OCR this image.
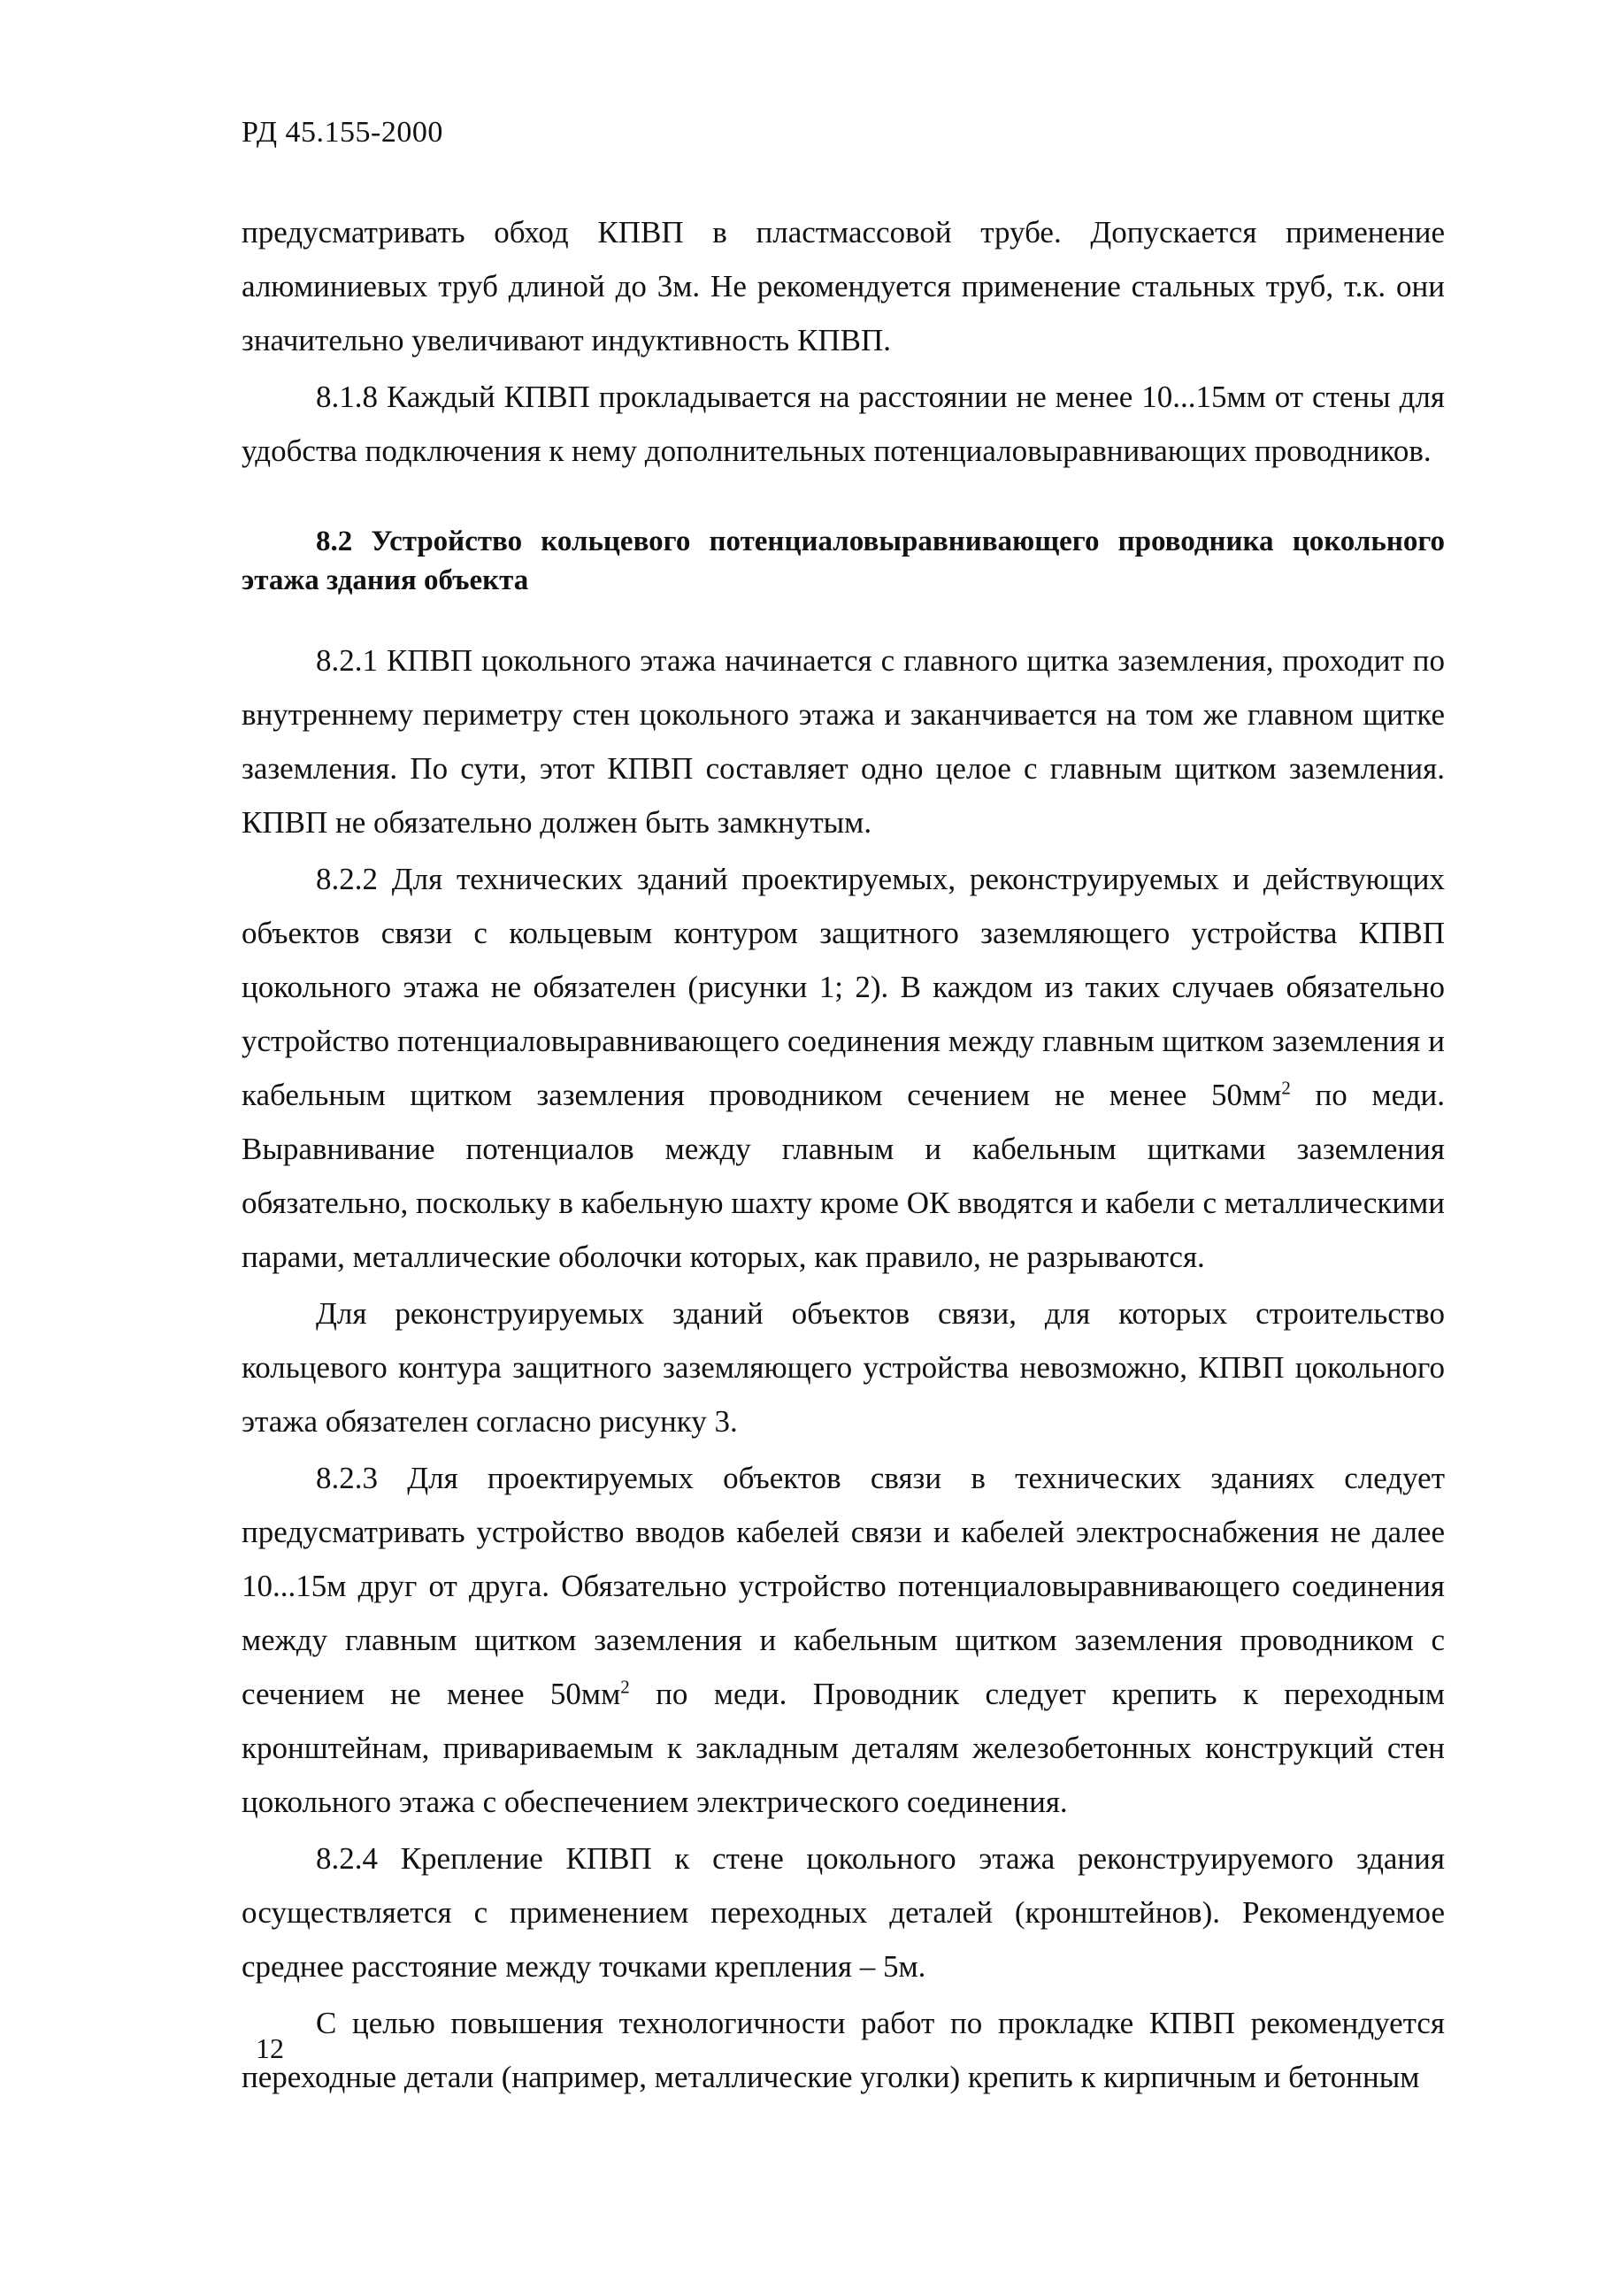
РД 45.155-2000

предусматривать обход КПВП в пластмассовой трубе. Допускается применение алюминиевых труб длиной до 3м. Не рекомендуется применение стальных труб, т.к. они значительно увеличивают индуктивность КПВП.

8.1.8 Каждый КПВП прокладывается на расстоянии не менее 10...15мм от стены для удобства подключения к нему дополнительных потенциаловыравнивающих проводников.

8.2 Устройство кольцевого потенциаловыравнивающего проводника цокольного этажа здания объекта

8.2.1 КПВП цокольного этажа начинается с главного щитка заземления, проходит по внутреннему периметру стен цокольного этажа и заканчивается на том же главном щитке заземления. По сути, этот КПВП составляет одно целое с главным щитком заземления. КПВП не обязательно должен быть замкнутым.

8.2.2 Для технических зданий проектируемых, реконструируемых и действующих объектов связи с кольцевым контуром защитного заземляющего устройства КПВП цокольного этажа не обязателен (рисунки 1; 2). В каждом из таких случаев обязательно устройство потенциаловыравнивающего соединения между главным щитком заземления и кабельным щитком заземления проводником сечением не менее $50мм^2$ по меди. Выравнивание потенциалов между главным и кабельным щитками заземления обязательно, поскольку в кабельную шахту кроме ОК вводятся и кабели с металлическими парами, металлические оболочки которых, как правило, не разрываются.

Для реконструируемых зданий объектов связи, для которых строительство кольцевого контура защитного заземляющего устройства невозможно, КПВП цокольного этажа обязателен согласно рисунку 3.

8.2.3 Для проектируемых объектов связи в технических зданиях следует предусматривать устройство вводов кабелей связи и кабелей электроснабжения не далее 10...15м друг от друга. Обязательно устройство потенциаловыравнивающего соединения между главным щитком заземления и кабельным щитком заземления проводником с сечением не менее $50мм^2$ по меди. Проводник следует крепить к переходным кронштейнам, привариваемым к закладным деталям железобетонных конструкций стен цокольного этажа с обеспечением электрического соединения.

8.2.4 Крепление КПВП к стене цокольного этажа реконструируемого здания осуществляется с применением переходных деталей (кронштейнов). Рекомендуемое среднее расстояние между точками крепления – 5м.

С целью повышения технологичности работ по прокладке КПВП рекомендуется переходные детали (например, металлические уголки) крепить к кирпичным и бетонным

12
